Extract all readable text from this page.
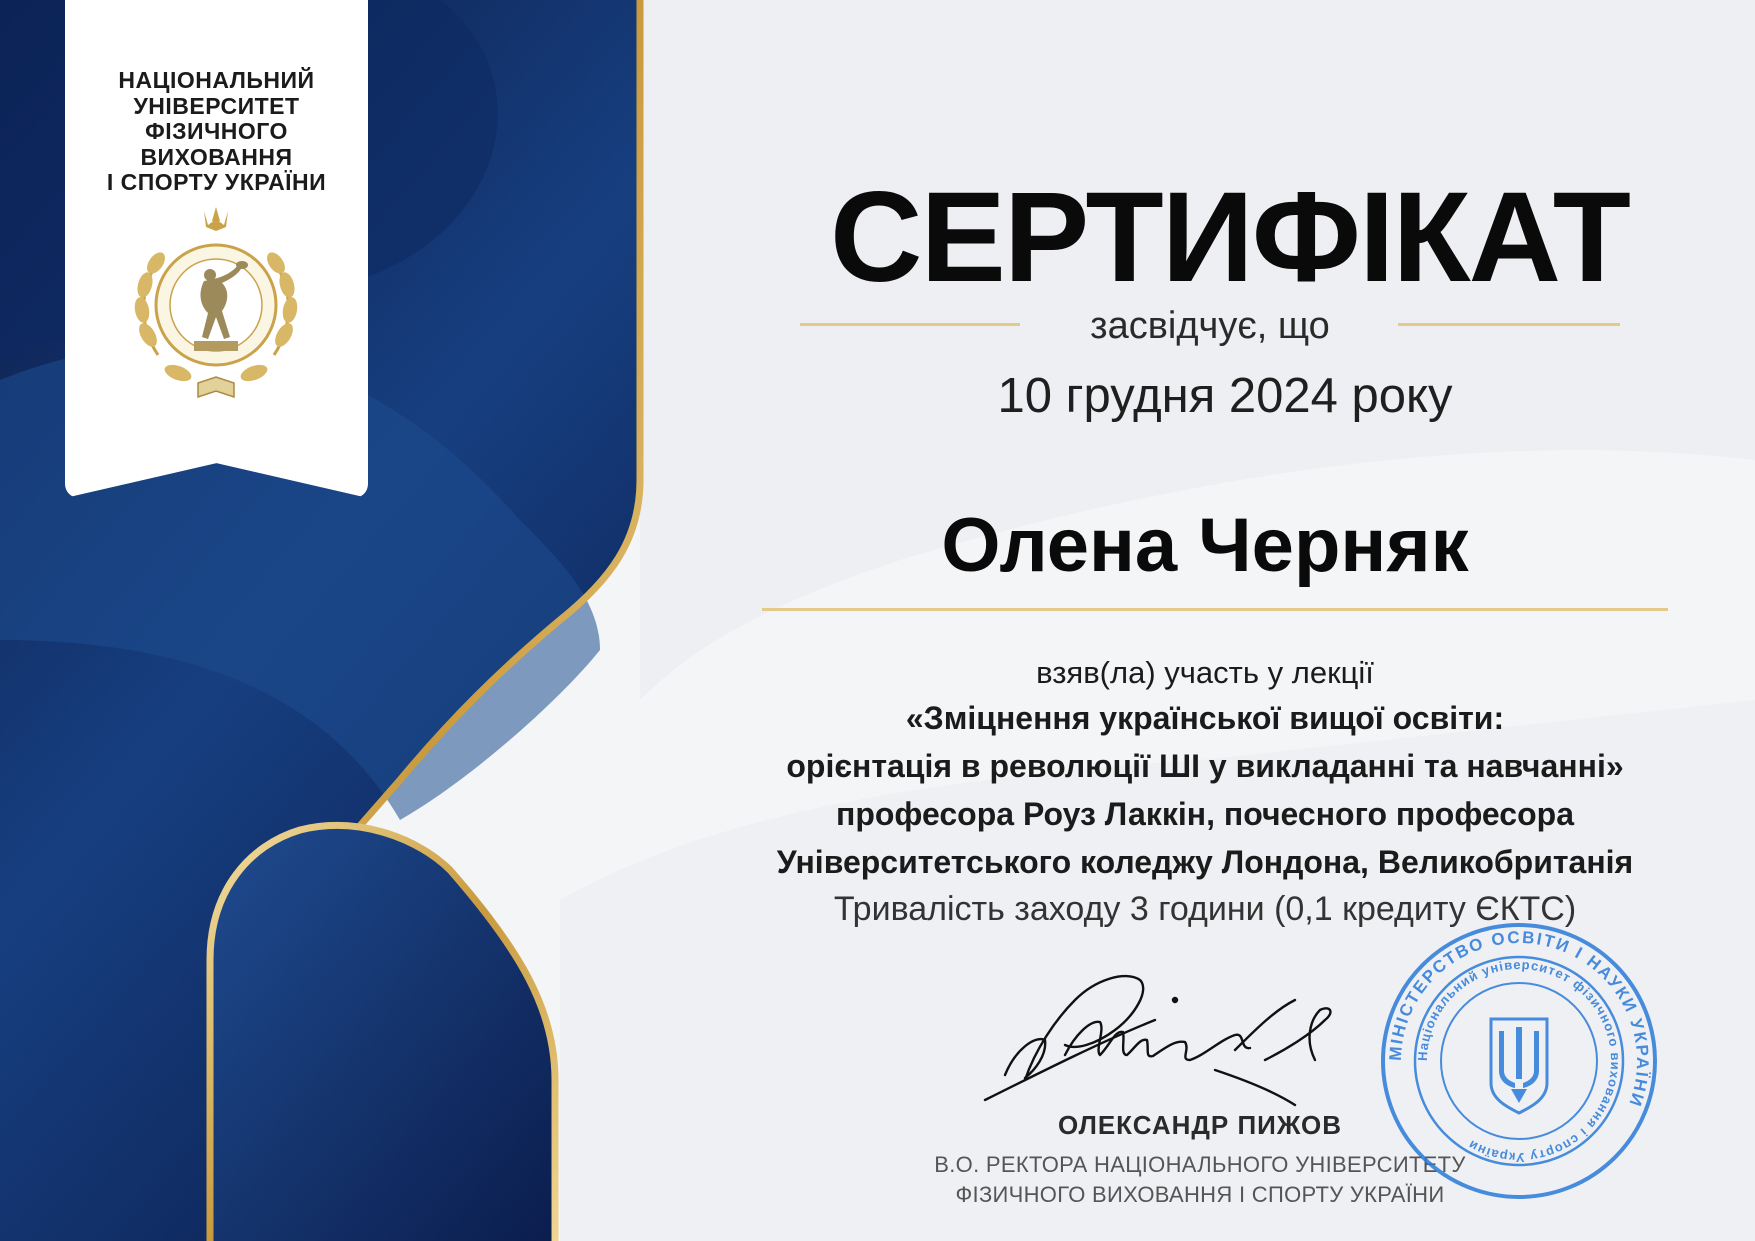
НАЦІОНАЛЬНИЙ
УНІВЕРСИТЕТ
ФІЗИЧНОГО
ВИХОВАННЯ
І СПОРТУ УКРАЇНИ	СЕРТИФІКАТ
засвідчує, що
10 грудня 2024 року
Олена Черняк
взяв(ла) участь у лекції
«Зміцнення української вищої освіти:
орієнтація в революції ШІ у викладанні та навчанні»
професора Роуз Лаккін, почесного професора
Університетського коледжу Лондона, Великобританія
Тривалість заходу 3 години (0,1 кредиту ЄКТС)
ОЛЕКСАНДР ПИЖОВ
В.О. РЕКТОРА НАЦІОНАЛЬНОГО УНІВЕРСИТЕТУ
ФІЗИЧНОГО ВИХОВАННЯ І СПОРТУ УКРАЇНИ
МІНІСТЕРСТВО ОСВІТИ І НАУКИ УКРАЇНИ
Національний університет фізичного виховання і спорту України
